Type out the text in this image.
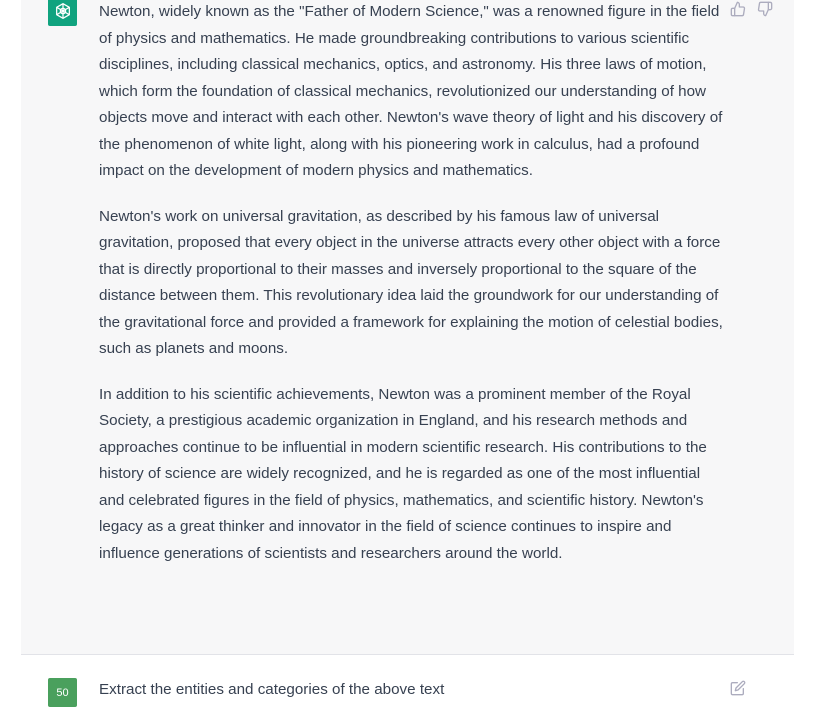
Newton, widely known as the "Father of Modern Science," was a renowned figure in the field of physics and mathematics. He made groundbreaking contributions to various scientific disciplines, including classical mechanics, optics, and astronomy. His three laws of motion, which form the foundation of classical mechanics, revolutionized our understanding of how objects move and interact with each other. Newton's wave theory of light and his discovery of the phenomenon of white light, along with his pioneering work in calculus, had a profound impact on the development of modern physics and mathematics.

Newton's work on universal gravitation, as described by his famous law of universal gravitation, proposed that every object in the universe attracts every other object with a force that is directly proportional to their masses and inversely proportional to the square of the distance between them. This revolutionary idea laid the groundwork for our understanding of the gravitational force and provided a framework for explaining the motion of celestial bodies, such as planets and moons.

In addition to his scientific achievements, Newton was a prominent member of the Royal Society, a prestigious academic organization in England, and his research methods and approaches continue to be influential in modern scientific research. His contributions to the history of science are widely recognized, and he is regarded as one of the most influential and celebrated figures in the field of physics, mathematics, and scientific history. Newton's legacy as a great thinker and innovator in the field of science continues to inspire and influence generations of scientists and researchers around the world.

50	Extract the entities and categories of the above text
